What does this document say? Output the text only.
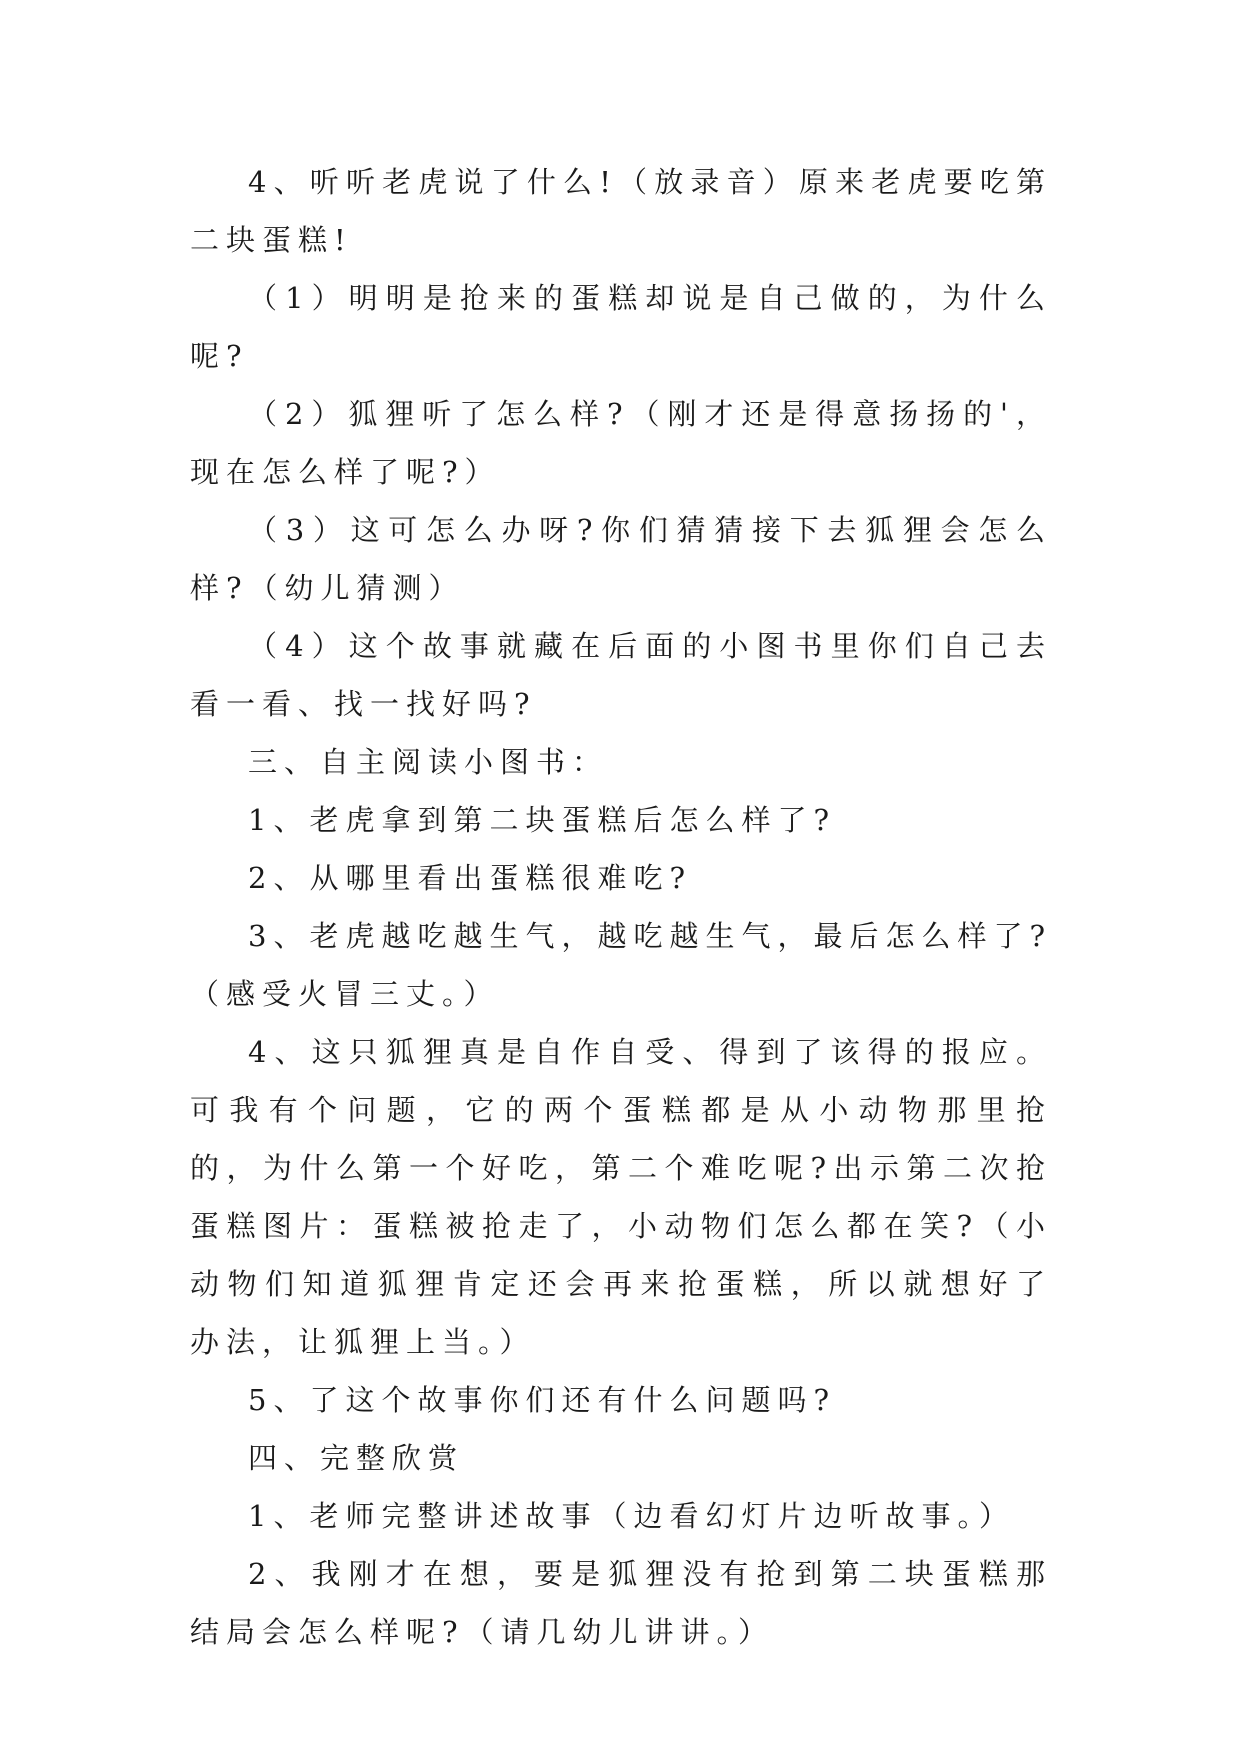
4、听听老虎说了什么!（放录音）原来老虎要吃第二块蛋糕!

（1）明明是抢来的蛋糕却说是自己做的，为什么呢?

（2）狐狸听了怎么样?（刚才还是得意扬扬的'，现在怎么样了呢?）

（3）这可怎么办呀?你们猜猜接下去狐狸会怎么样?（幼儿猜测）

（4）这个故事就藏在后面的小图书里你们自己去看一看、找一找好吗?

三、自主阅读小图书：

1、老虎拿到第二块蛋糕后怎么样了?

2、从哪里看出蛋糕很难吃?

3、老虎越吃越生气，越吃越生气，最后怎么样了?（感受火冒三丈。）

4、这只狐狸真是自作自受、得到了该得的报应。可我有个问题，它的两个蛋糕都是从小动物那里抢的，为什么第一个好吃，第二个难吃呢?出示第二次抢蛋糕图片：蛋糕被抢走了，小动物们怎么都在笑?（小动物们知道狐狸肯定还会再来抢蛋糕，所以就想好了办法，让狐狸上当。）

5、了这个故事你们还有什么问题吗?

四、完整欣赏

1、老师完整讲述故事（边看幻灯片边听故事。）

2、我刚才在想，要是狐狸没有抢到第二块蛋糕那结局会怎么样呢?（请几幼儿讲讲。）
